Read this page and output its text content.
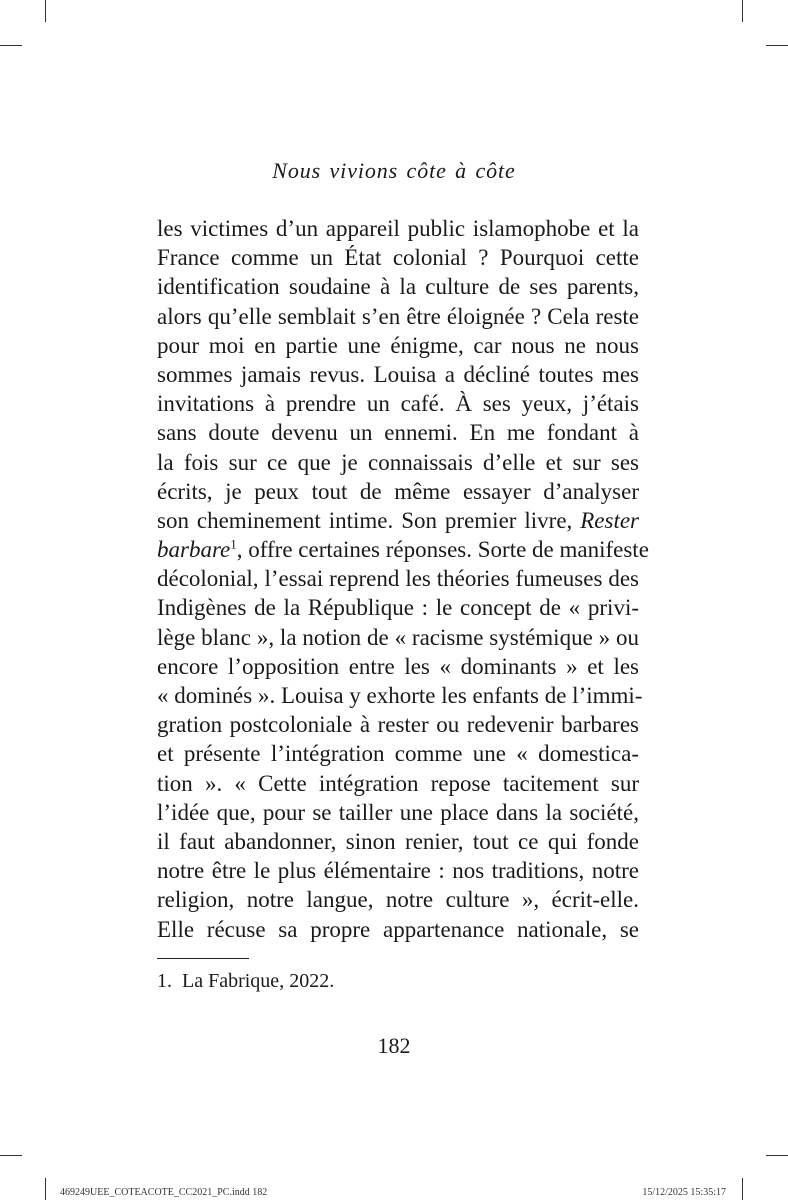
Nous vivions côte à côte
les victimes d’un appareil public islamophobe et la
France comme un État colonial ? Pourquoi cette
identification soudaine à la culture de ses parents,
alors qu’elle semblait s’en être éloignée ? Cela reste
pour moi en partie une énigme, car nous ne nous
sommes jamais revus. Louisa a décliné toutes mes
invitations à prendre un café. À ses yeux, j’étais
sans doute devenu un ennemi. En me fondant à
la fois sur ce que je connaissais d’elle et sur ses
écrits, je peux tout de même essayer d’analyser
son cheminement intime. Son premier livre, Rester
barbare$^1$, offre certaines réponses. Sorte de manifeste
décolonial, l’essai reprend les théories fumeuses des
Indigènes de la République : le concept de « privi-
lège blanc », la notion de « racisme systémique » ou
encore l’opposition entre les « dominants » et les
« dominés ». Louisa y exhorte les enfants de l’immi-
gration postcoloniale à rester ou redevenir barbares
et présente l’intégration comme une « domestica-
tion ». « Cette intégration repose tacitement sur
l’idée que, pour se tailler une place dans la société,
il faut abandonner, sinon renier, tout ce qui fonde
notre être le plus élémentaire : nos traditions, notre
religion, notre langue, notre culture », écrit-elle.
Elle récuse sa propre appartenance nationale, se
1. La Fabrique, 2022.
182
469249UEE_COTEACOTE_CC2021_PC.indd 182	15/12/2025 15:35:17
